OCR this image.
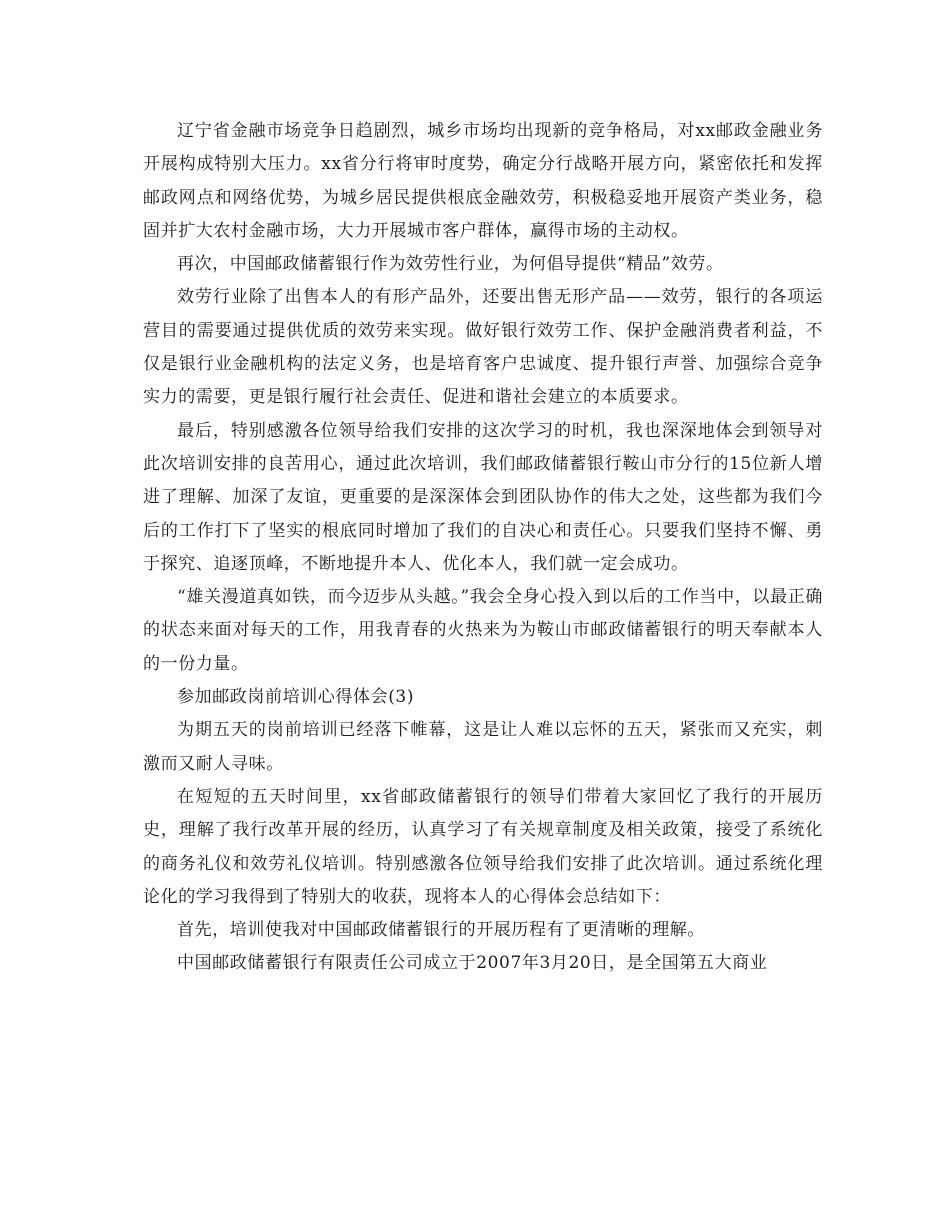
辽宁省金融市场竞争日趋剧烈，城乡市场均出现新的竞争格局，对xx邮政金融业务开展构成特别大压力。xx省分行将审时度势，确定分行战略开展方向，紧密依托和发挥邮政网点和网络优势，为城乡居民提供根底金融效劳，积极稳妥地开展资产类业务，稳固并扩大农村金融市场，大力开展城市客户群体，赢得市场的主动权。

再次，中国邮政储蓄银行作为效劳性行业，为何倡导提供“精品”效劳。

效劳行业除了出售本人的有形产品外，还要出售无形产品——效劳，银行的各项运营目的需要通过提供优质的效劳来实现。做好银行效劳工作、保护金融消费者利益，不仅是银行业金融机构的法定义务，也是培育客户忠诚度、提升银行声誉、加强综合竞争实力的需要，更是银行履行社会责任、促进和谐社会建立的本质要求。

最后，特别感激各位领导给我们安排的这次学习的时机，我也深深地体会到领导对此次培训安排的良苦用心，通过此次培训，我们邮政储蓄银行鞍山市分行的15位新人增进了理解、加深了友谊，更重要的是深深体会到团队协作的伟大之处，这些都为我们今后的工作打下了坚实的根底同时增加了我们的自决心和责任心。只要我们坚持不懈、勇于探究、追逐顶峰，不断地提升本人、优化本人，我们就一定会成功。

“雄关漫道真如铁，而今迈步从头越。”我会全身心投入到以后的工作当中，以最正确的状态来面对每天的工作，用我青春的火热来为为鞍山市邮政储蓄银行的明天奉献本人的一份力量。

参加邮政岗前培训心得体会(3)

为期五天的岗前培训已经落下帷幕，这是让人难以忘怀的五天，紧张而又充实，刺激而又耐人寻味。

在短短的五天时间里，xx省邮政储蓄银行的领导们带着大家回忆了我行的开展历史，理解了我行改革开展的经历，认真学习了有关规章制度及相关政策，接受了系统化的商务礼仪和效劳礼仪培训。特别感激各位领导给我们安排了此次培训。通过系统化理论化的学习我得到了特别大的收获，现将本人的心得体会总结如下：

首先，培训使我对中国邮政储蓄银行的开展历程有了更清晰的理解。

中国邮政储蓄银行有限责任公司成立于2007年3月20日，是全国第五大商业
